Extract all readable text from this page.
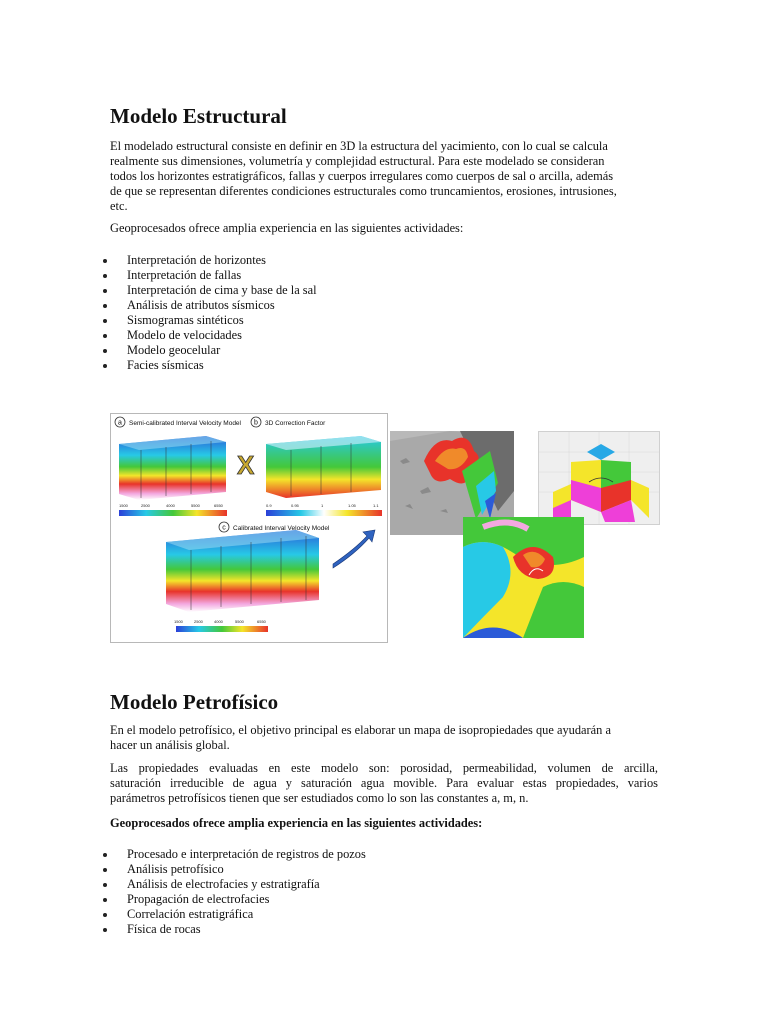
Modelo Estructural

El modelado estructural consiste en definir en 3D la estructura del yacimiento, con lo cual se calcula
realmente sus dimensiones, volumetría y complejidad estructural. Para este modelado se consideran
todos los horizontes estratigráficos, fallas y cuerpos irregulares como cuerpos de sal o arcilla, además
de que se representan diferentes condiciones estructurales como truncamientos, erosiones, intrusiones,
etc.

Geoprocesados ofrece amplia experiencia en las siguientes actividades:

Interpretación de horizontes
Interpretación de fallas
Interpretación de cima y base de la sal
Análisis de atributos sísmicos
Sismogramas sintéticos
Modelo de velocidades
Modelo geocelular
Facies sísmicas
Modelo Petrofísico

En el modelo petrofísico, el objetivo principal es elaborar un mapa de isopropiedades que ayudarán a
hacer un análisis global.

Las propiedades evaluadas en este modelo son: porosidad, permeabilidad, volumen de arcilla,
saturación irreducible de agua y saturación agua movible. Para evaluar estas propiedades, varios
parámetros petrofísicos tienen que ser estudiados como lo son las constantes a, m, n.

Geoprocesados ofrece amplia experiencia en las siguientes actividades:

Procesado e interpretación de registros de pozos
Análisis petrofísico
Análisis de electrofacies y estratigrafía
Propagación de electrofacies
Correlación estratigráfica
Física de rocas
a Semi-calibrated Interval Velocity Model
1500	2500	4000	5500	6550
X
b 3D Correction Factor
0.9	0.95	1	1.05	1.1
c Calibrated Interval Velocity Model
1500	2500	4000	5500	6550
